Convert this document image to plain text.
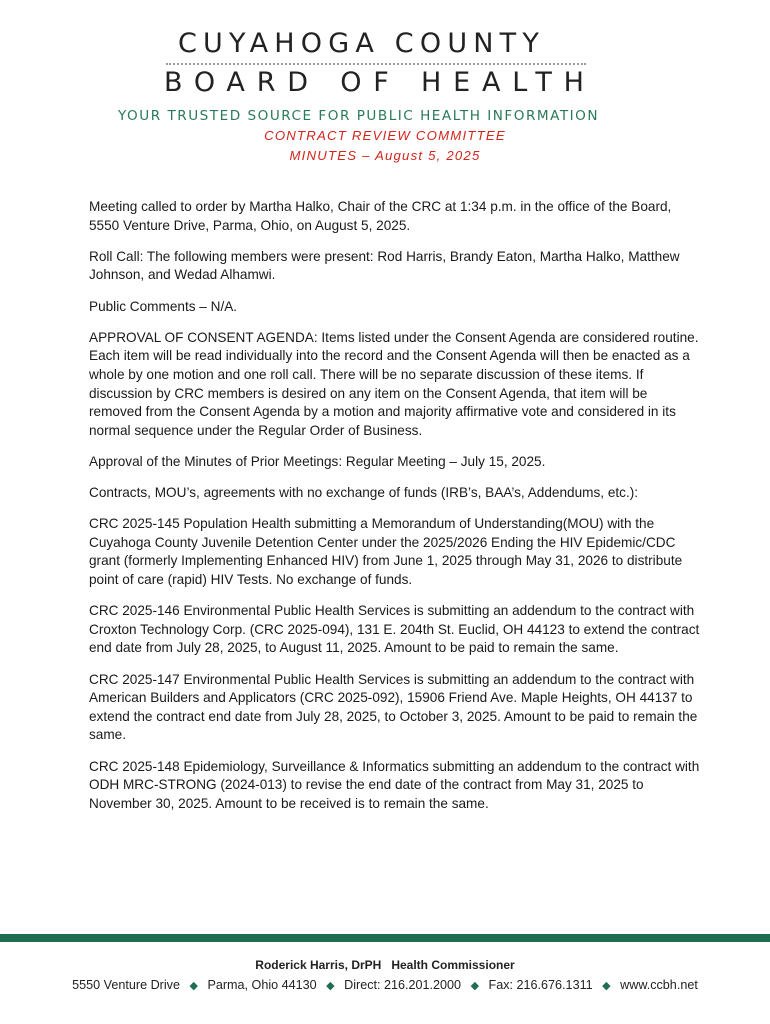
CUYAHOGA COUNTY
BOARD OF HEALTH
YOUR TRUSTED SOURCE FOR PUBLIC HEALTH INFORMATION
CONTRACT REVIEW COMMITTEE
MINUTES – August 5, 2025

Meeting called to order by Martha Halko, Chair of the CRC at 1:34 p.m. in the office of the Board, 5550 Venture Drive, Parma, Ohio, on August 5, 2025.

Roll Call: The following members were present: Rod Harris, Brandy Eaton, Martha Halko, Matthew Johnson, and Wedad Alhamwi.

Public Comments – N/A.

APPROVAL OF CONSENT AGENDA: Items listed under the Consent Agenda are considered routine. Each item will be read individually into the record and the Consent Agenda will then be enacted as a whole by one motion and one roll call. There will be no separate discussion of these items. If discussion by CRC members is desired on any item on the Consent Agenda, that item will be removed from the Consent Agenda by a motion and majority affirmative vote and considered in its normal sequence under the Regular Order of Business.

Approval of the Minutes of Prior Meetings: Regular Meeting – July 15, 2025.

Contracts, MOU’s, agreements with no exchange of funds (IRB’s, BAA’s, Addendums, etc.):

CRC 2025-145 Population Health submitting a Memorandum of Understanding(MOU) with the Cuyahoga County Juvenile Detention Center under the 2025/2026 Ending the HIV Epidemic/CDC grant (formerly Implementing Enhanced HIV) from June 1, 2025 through May 31, 2026 to distribute point of care (rapid) HIV Tests. No exchange of funds.

CRC 2025-146 Environmental Public Health Services is submitting an addendum to the contract with Croxton Technology Corp. (CRC 2025-094), 131 E. 204th St. Euclid, OH 44123 to extend the contract end date from July 28, 2025, to August 11, 2025. Amount to be paid to remain the same.

CRC 2025-147 Environmental Public Health Services is submitting an addendum to the contract with American Builders and Applicators (CRC 2025-092), 15906 Friend Ave. Maple Heights, OH 44137 to extend the contract end date from July 28, 2025, to October 3, 2025. Amount to be paid to remain the same.

CRC 2025-148 Epidemiology, Surveillance & Informatics submitting an addendum to the contract with ODH MRC-STRONG (2024-013) to revise the end date of the contract from May 31, 2025 to November 30, 2025. Amount to be received is to remain the same.

Roderick Harris, DrPH Health Commissioner
5550 Venture Drive ◆ Parma, Ohio 44130 ◆ Direct: 216.201.2000 ◆ Fax: 216.676.1311 ◆ www.ccbh.net
